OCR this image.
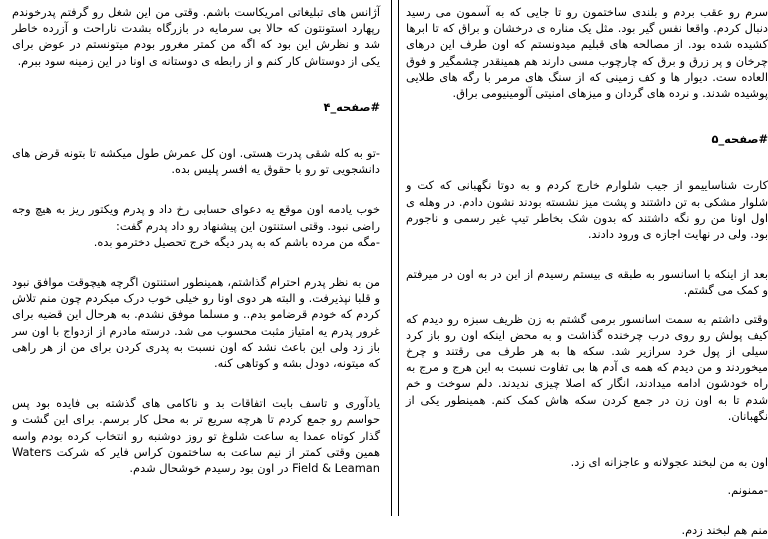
آژانس های تبلیغاتی امریکاست باشم. وقتی من این شغل رو گرفتم پدرخوندم رپهارد استونتون که حالا بی سرمایه در بازرگاه بشدت ناراحت و آزرده خاطر شد و نظرش این بود که اگه من کمتر مغرور بودم میتونستم در عوض برای یکی از دوستاش کار کنم و از رابطه ی دوستانه ی اونا در این زمینه سود ببرم.

#صفحه_۴

-تو به کله شقی پدرت هستی. اون کل عمرش طول میکشه تا بتونه قرض های دانشجویی تو رو با حقوق یه افسر پلیس بده.

خوب یادمه اون موقع یه دعوای حسابی رخ داد و پدرم ویکتور ریز به هیچ وجه راضی نبود. وقتی استنتون این پیشنهاد رو داد پدرم گفت:

-مگه من مرده باشم که به پدر دیگه خرج تحصیل دخترمو بده.

من به نظر پدرم احترام گذاشتم، همینطور استنتون اگرچه هیچوقت موافق نبود و قلبا نپذیرفت. و البته هر دوی اونا رو خیلی خوب درک میکردم چون منم تلاش کردم که خودم قرضامو بدم.. و مسلما موفق نشدم. به هرحال این قضیه برای غرور پدرم یه امتیاز مثبت محسوب می شد. درسته مادرم از ازدواج با اون سر باز زد ولی این باعث نشد که اون نسبت به پدری کردن برای من از هر راهی که میتونه، دودل بشه و کوتاهی کنه.

یادآوری و تاسف بابت اتفاقات بد و ناکامی های گذشته بی فایده بود پس حواسم رو جمع کردم تا هرچه سریع تر به محل کار برسم. برای این گشت و گذار کوتاه عمدا یه ساعت شلوغ تو روز دوشنبه رو انتخاب کرده بودم واسه همین وقتی کمتر از نیم ساعت به ساختمون کراس فایر که شرکت Waters Field & Leaman در اون بود رسیدم خوشحال شدم.

سرم رو عقب بردم و بلندی ساختمون رو تا جایی که به آسمون می رسید دنبال کردم. واقعا نفس گیر بود. مثل یک مناره ی درخشان و براق که تا ابرها کشیده شده بود. از مصالحه های قبلیم میدونستم که اون طرف این درهای چرخان و پر زرق و برق که چارچوب مسی دارند هم همینقدر چشمگیر و فوق العاده ست. دیوار ها و کف زمینی که از سنگ های مرمر با رگه های طلایی پوشیده شدند. و نرده های گردان و میزهای امنیتی آلومینیومی براق.

#صفحه_۵

کارت شناساییمو از جیب شلوارم خارج کردم و به دوتا نگهبانی که کت و شلوار مشکی به تن داشتند و پشت میز نشسته بودند نشون دادم. در وهله ی اول اونا من رو نگه داشتند که بدون شک بخاطر تیپ غیر رسمی و ناجورم بود. ولی در نهایت اجازه ی ورود دادند.

بعد از اینکه با اسانسور به طبقه ی بیستم رسیدم از این در به اون در میرفتم و کمک می گشتم.

وقتی داشتم به سمت اسانسور برمی گشتم به زن ظریف سبزه رو دیدم که کیف پولش رو روی درب چرخنده گذاشت و به محض اینکه اون رو باز کرد سیلی از پول خرد سرازیر شد. سکه ها به هر طرف می رقتند و چرخ میخوردند و من دیدم که همه ی آدم ها بی تفاوت نسبت به این هرج و مرج به راه خودشون ادامه میدادند، انگار که اصلا چیزی ندیدند. دلم سوخت و خم شدم تا به اون زن در جمع کردن سکه هاش کمک کنم. همینطور یکی از نگهبانان.

اون به من لبخند عجولانه و عاجزانه ای زد.

-ممنونم.

منم هم لبخند زدم.
